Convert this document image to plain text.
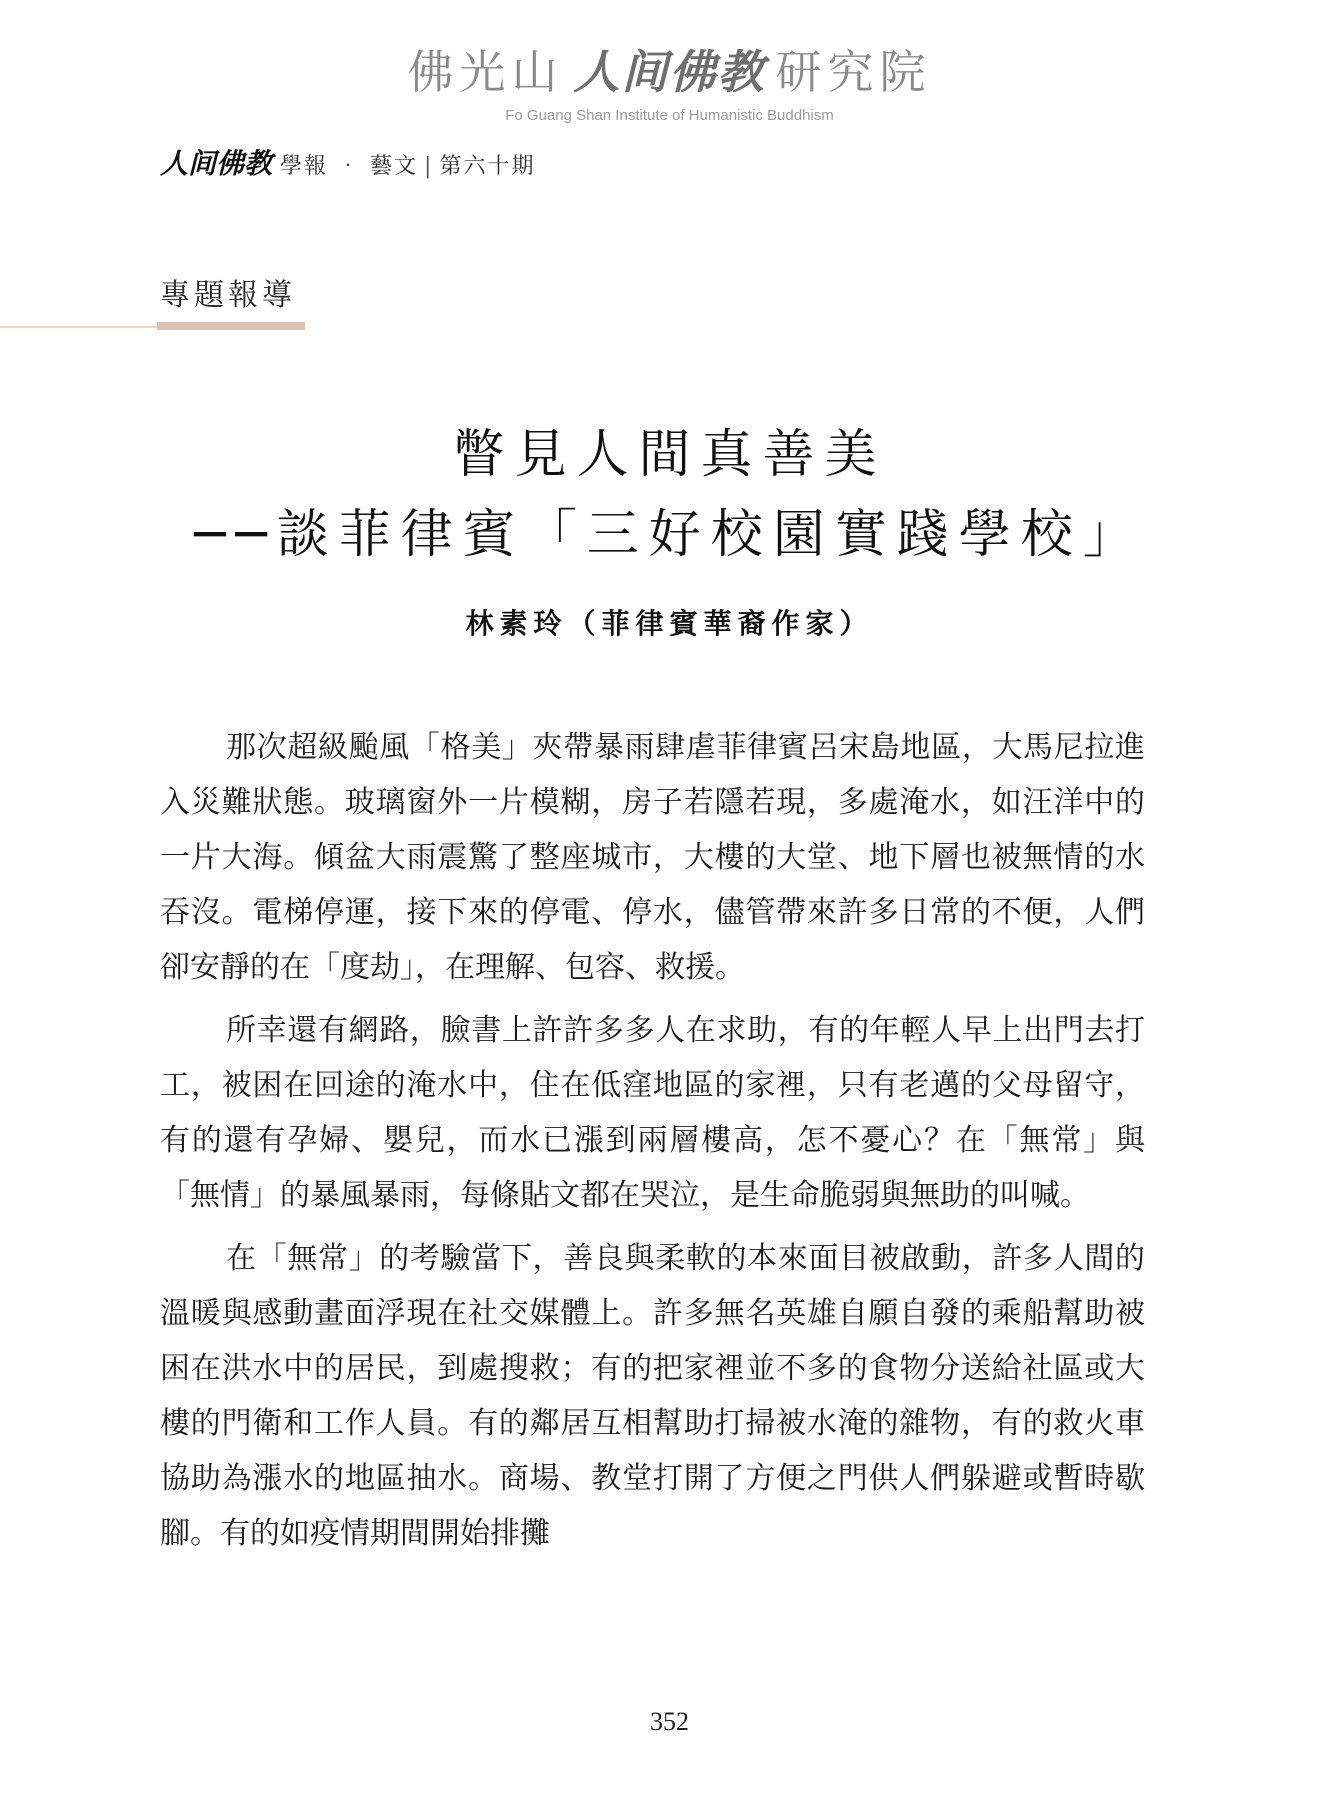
佛光山 人间佛教 研究院
Fo Guang Shan Institute of Humanistic Buddhism
人间佛教 學報 ‧ 藝文 | 第六十期
專題報導
瞥見人間真善美
──談菲律賓「三好校園實踐學校」
林素玲（菲律賓華裔作家）

那次超級颱風「格美」夾帶暴雨肆虐菲律賓呂宋島地區，大馬尼拉進入災難狀態。玻璃窗外一片模糊，房子若隱若現，多處淹水，如汪洋中的一片大海。傾盆大雨震驚了整座城市，大樓的大堂、地下層也被無情的水吞沒。電梯停運，接下來的停電、停水，儘管帶來許多日常的不便，人們卻安靜的在「度劫」，在理解、包容、救援。

所幸還有網路，臉書上許許多多人在求助，有的年輕人早上出門去打工，被困在回途的淹水中，住在低窪地區的家裡，只有老邁的父母留守，有的還有孕婦、嬰兒，而水已漲到兩層樓高，怎不憂心？在「無常」與「無情」的暴風暴雨，每條貼文都在哭泣，是生命脆弱與無助的叫喊。

在「無常」的考驗當下，善良與柔軟的本來面目被啟動，許多人間的溫暖與感動畫面浮現在社交媒體上。許多無名英雄自願自發的乘船幫助被困在洪水中的居民，到處搜救；有的把家裡並不多的食物分送給社區或大樓的門衛和工作人員。有的鄰居互相幫助打掃被水淹的雜物，有的救火車協助為漲水的地區抽水。商場、教堂打開了方便之門供人們躲避或暫時歇腳。有的如疫情期間開始排攤

352
